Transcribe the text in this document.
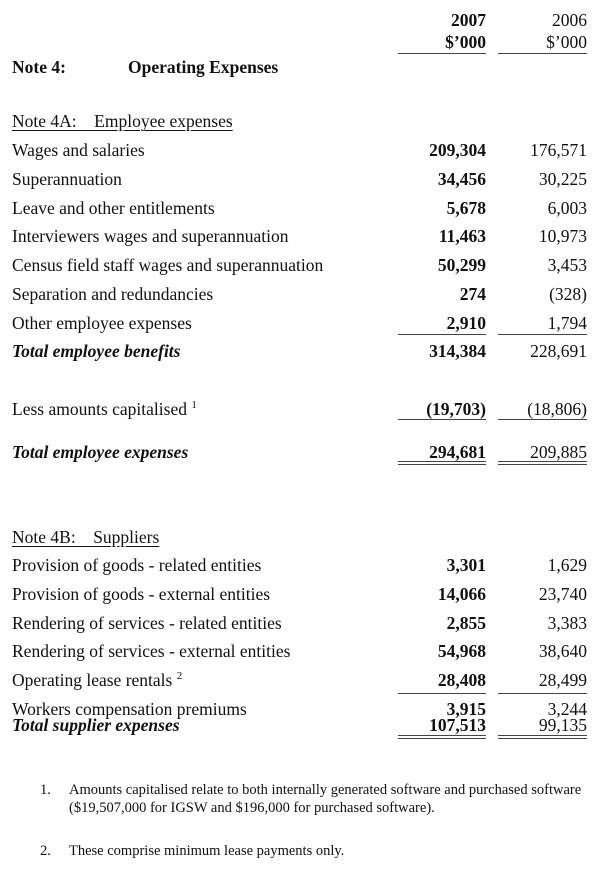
2007
$’000
2006
$’000
Note 4:	Operating Expenses
Note 4A: Employee expenses
Wages and salaries	209,304	176,571
Superannuation	34,456	30,225
Leave and other entitlements	5,678	6,003
Interviewers wages and superannuation	11,463	10,973
Census field staff wages and superannuation	50,299	3,453
Separation and redundancies	274	(328)
Other employee expenses	2,910	1,794
Total employee benefits	314,384	228,691
Less amounts capitalised $^1$	(19,703)	(18,806)
Total employee expenses	294,681	209,885
Note 4B: Suppliers
Provision of goods - related entities	3,301	1,629
Provision of goods - external entities	14,066	23,740
Rendering of services - related entities	2,855	3,383
Rendering of services - external entities	54,968	38,640
Operating lease rentals $^2$	28,408	28,499
Workers compensation premiums	3,915	3,244
Total supplier expenses	107,513	99,135
1. Amounts capitalised relate to both internally generated software and purchased software ($19,507,000 for IGSW and $196,000 for purchased software).
2. These comprise minimum lease payments only.
